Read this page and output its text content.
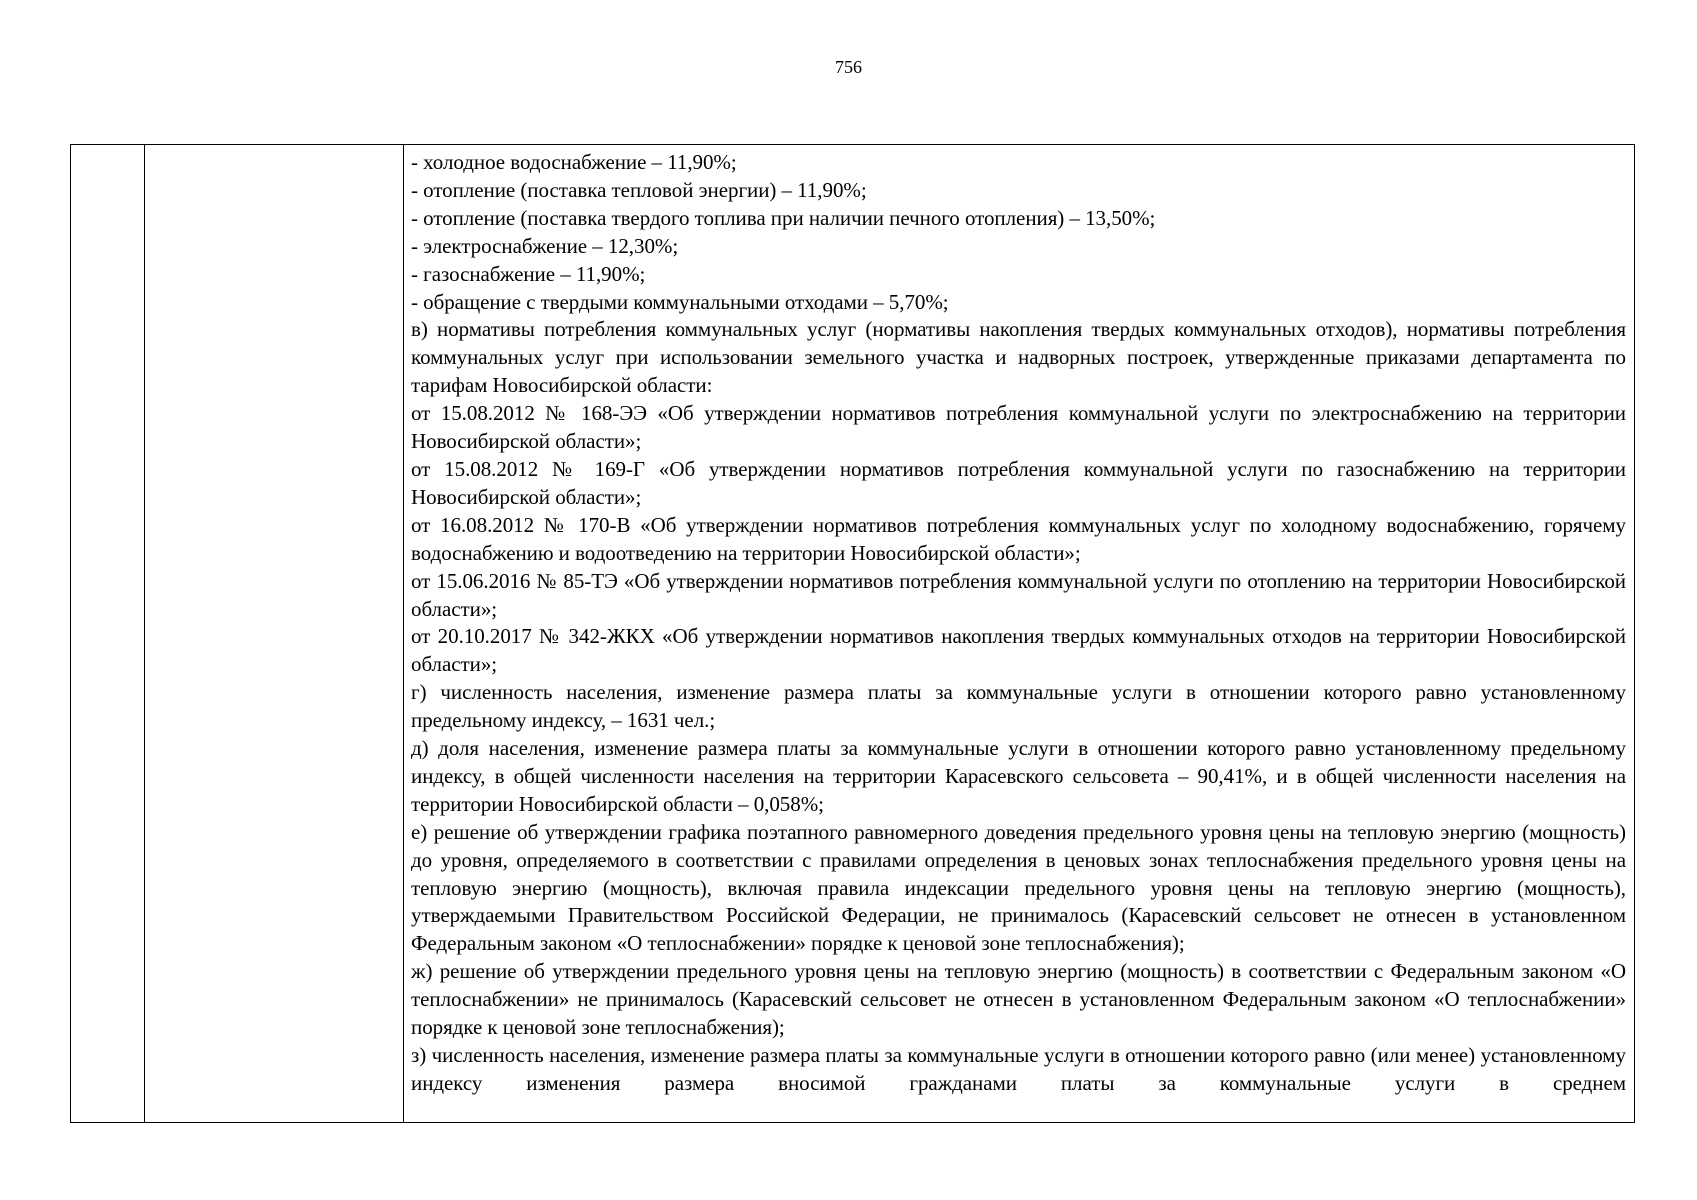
756

- холодное водоснабжение – 11,90%;

- отопление (поставка тепловой энергии) – 11,90%;

- отопление (поставка твердого топлива при наличии печного отопления) – 13,50%;

- электроснабжение – 12,30%;

- газоснабжение – 11,90%;

- обращение с твердыми коммунальными отходами – 5,70%;

в) нормативы потребления коммунальных услуг (нормативы накопления твердых коммунальных отходов), нормативы потребления коммунальных услуг при использовании земельного участка и надворных построек, утвержденные приказами департамента по тарифам Новосибирской области:

от 15.08.2012 № 168-ЭЭ «Об утверждении нормативов потребления коммунальной услуги по электроснабжению на территории Новосибирской области»;

от 15.08.2012 № 169-Г «Об утверждении нормативов потребления коммунальной услуги по газоснабжению на территории Новосибирской области»;

от 16.08.2012 № 170-В «Об утверждении нормативов потребления коммунальных услуг по холодному водоснабжению, горячему водоснабжению и водоотведению на территории Новосибирской области»;

от 15.06.2016 № 85-ТЭ «Об утверждении нормативов потребления коммунальной услуги по отоплению на территории Новосибирской области»;

от 20.10.2017 № 342-ЖКХ «Об утверждении нормативов накопления твердых коммунальных отходов на территории Новосибирской области»;

г) численность населения, изменение размера платы за коммунальные услуги в отношении которого равно установленному предельному индексу, – 1631 чел.;

д) доля населения, изменение размера платы за коммунальные услуги в отношении которого равно установленному предельному индексу, в общей численности населения на территории Карасевского сельсовета – 90,41%, и в общей численности населения на территории Новосибирской области – 0,058%;

е) решение об утверждении графика поэтапного равномерного доведения предельного уровня цены на тепловую энергию (мощность) до уровня, определяемого в соответствии с правилами определения в ценовых зонах теплоснабжения предельного уровня цены на тепловую энергию (мощность), включая правила индексации предельного уровня цены на тепловую энергию (мощность), утверждаемыми Правительством Российской Федерации, не принималось (Карасевский сельсовет не отнесен в установленном Федеральным законом «О теплоснабжении» порядке к ценовой зоне теплоснабжения);

ж) решение об утверждении предельного уровня цены на тепловую энергию (мощность) в соответствии с Федеральным законом «О теплоснабжении» не принималось (Карасевский сельсовет не отнесен в установленном Федеральным законом «О теплоснабжении» порядке к ценовой зоне теплоснабжения);

з) численность населения, изменение размера платы за коммунальные услуги в отношении которого равно (или менее) установленному индексу изменения размера вносимой гражданами платы за коммунальные услуги в среднем
